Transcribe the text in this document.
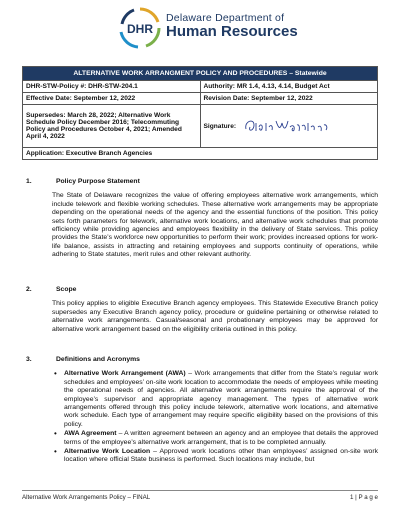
DHR
Delaware Department of
Human Resources
ALTERNATIVE WORK ARRANGMENT POLICY AND PROCEDURES – Statewide	
DHR-STW-Policy #: DHR-STW-204.1	Authority: MR 1.4, 4.13, 4.14, Budget Act
Effective Date: September 12, 2022	Revision Date: September 12, 2022
Supersedes: March 28, 2022; Alternative Work Schedule Policy December 2016; Telecommuting Policy and Procedures October 4, 2021; Amended April 4, 2022	Signature:

Application: Executive Branch Agencies	
1.	Policy Purpose Statement
The State of Delaware recognizes the value of offering employees alternative work arrangements, which include telework and flexible working schedules. These alternative work arrangements may be appropriate depending on the operational needs of the agency and the essential functions of the position. This policy sets forth parameters for telework, alternative work locations, and alternative work schedules that promote efficiency while providing agencies and employees flexibility in the delivery of State services. This policy provides the State’s workforce new opportunities to perform their work; provides increased options for work-life balance, assists in attracting and retaining employees and supports continuity of operations, while adhering to State statutes, merit rules and other relevant authority.
2.	Scope
This policy applies to eligible Executive Branch agency employees. This Statewide Executive Branch policy supersedes any Executive Branch agency policy, procedure or guideline pertaining or otherwise related to alternative work arrangements. Casual/seasonal and probationary employees may be approved for alternative work arrangement based on the eligibility criteria outlined in this policy.
3.	Definitions and Acronyms
• Alternative Work Arrangement (AWA) – Work arrangements that differ from the State’s regular work schedules and employees’ on-site work location to accommodate the needs of employees while meeting the operational needs of agencies. All alternative work arrangements require the approval of the employee’s supervisor and appropriate agency management. The types of alternative work arrangements offered through this policy include telework, alternative work locations, and alternative work schedule. Each type of arrangement may require specific eligibility based on the provisions of this policy.
• AWA Agreement – A written agreement between an agency and an employee that details the approved terms of the employee’s alternative work arrangement, that is to be completed annually.
• Alternative Work Location – Approved work locations other than employees’ assigned on-site work location where official State business is performed. Such locations may include, but
Alternative Work Arrangements Policy – FINAL	1 | P a g e
